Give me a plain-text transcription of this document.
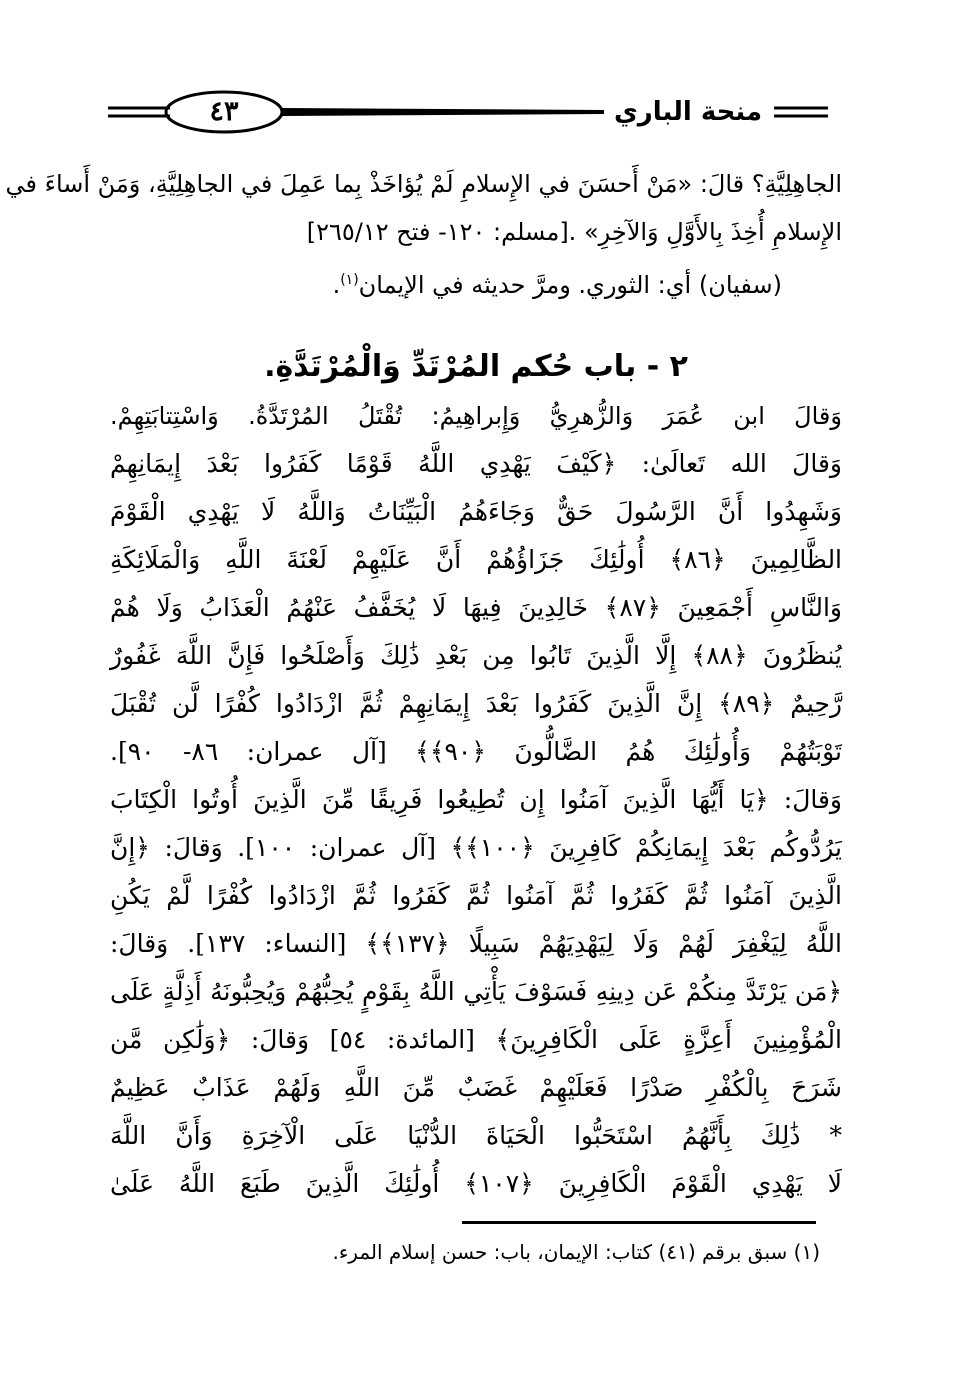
٤٣	منحة الباري
الجاهِلِيَّةِ؟ قالَ: «مَنْ أَحسَنَ في الإِسلامِ لَمْ يُؤاخَذْ بِما عَمِلَ في الجاهِلِيَّةِ، وَمَنْ أَساءَ في
الإِسلامِ أُخِذَ بِالأَوَّلِ وَالآخِرِ» .[مسلم: ١٢٠- فتح ٢٦٥/١٢]
(سفيان) أي: الثوري. ومرَّ حديثه في الإيمان$^{(١)}$.
٢ - باب حُكم المُرْتَدِّ وَالْمُرْتَدَّةِ.
وَقالَ ابن عُمَرَ وَالزُّهرِيُّ وَإِبراهِيمُ: تُقْتَلُ المُرْتَدَّةُ. وَاسْتِتابَتِهِمْ.
وَقالَ الله تَعالَىٰ: ﴿كَيْفَ يَهْدِي اللَّهُ قَوْمًا كَفَرُوا بَعْدَ إِيمَانِهِمْ
وَشَهِدُوا أَنَّ الرَّسُولَ حَقٌّ وَجَاءَهُمُ الْبَيِّنَاتُ وَاللَّهُ لَا يَهْدِي الْقَوْمَ
الظَّالِمِينَ ﴿٨٦﴾ أُولَٰئِكَ جَزَاؤُهُمْ أَنَّ عَلَيْهِمْ لَعْنَةَ اللَّهِ وَالْمَلَائِكَةِ
وَالنَّاسِ أَجْمَعِينَ ﴿٨٧﴾ خَالِدِينَ فِيهَا لَا يُخَفَّفُ عَنْهُمُ الْعَذَابُ وَلَا هُمْ
يُنظَرُونَ ﴿٨٨﴾ إِلَّا الَّذِينَ تَابُوا مِن بَعْدِ ذَٰلِكَ وَأَصْلَحُوا فَإِنَّ اللَّهَ غَفُورٌ
رَّحِيمٌ ﴿٨٩﴾ إِنَّ الَّذِينَ كَفَرُوا بَعْدَ إِيمَانِهِمْ ثُمَّ ازْدَادُوا كُفْرًا لَّن تُقْبَلَ
تَوْبَتُهُمْ وَأُولَٰئِكَ هُمُ الضَّالُّونَ ﴿٩٠﴾﴾ [آل عمران: ٨٦- ٩٠].
وَقالَ: ﴿يَا أَيُّهَا الَّذِينَ آمَنُوا إِن تُطِيعُوا فَرِيقًا مِّنَ الَّذِينَ أُوتُوا الْكِتَابَ
يَرُدُّوكُم بَعْدَ إِيمَانِكُمْ كَافِرِينَ ﴿١٠٠﴾﴾ [آل عمران: ١٠٠]. وَقالَ: ﴿إِنَّ
الَّذِينَ آمَنُوا ثُمَّ كَفَرُوا ثُمَّ آمَنُوا ثُمَّ كَفَرُوا ثُمَّ ازْدَادُوا كُفْرًا لَّمْ يَكُنِ
اللَّهُ لِيَغْفِرَ لَهُمْ وَلَا لِيَهْدِيَهُمْ سَبِيلًا ﴿١٣٧﴾﴾ [النساء: ١٣٧]. وَقالَ:
﴿مَن يَرْتَدَّ مِنكُمْ عَن دِينِهِ فَسَوْفَ يَأْتِي اللَّهُ بِقَوْمٍ يُحِبُّهُمْ وَيُحِبُّونَهُ أَذِلَّةٍ عَلَى
الْمُؤْمِنِينَ أَعِزَّةٍ عَلَى الْكَافِرِينَ﴾ [المائدة: ٥٤] وَقالَ: ﴿وَلَٰكِن مَّن
شَرَحَ بِالْكُفْرِ صَدْرًا فَعَلَيْهِمْ غَضَبٌ مِّنَ اللَّهِ وَلَهُمْ عَذَابٌ عَظِيمٌ
* ذَٰلِكَ بِأَنَّهُمُ اسْتَحَبُّوا الْحَيَاةَ الدُّنْيَا عَلَى الْآخِرَةِ وَأَنَّ اللَّهَ
لَا يَهْدِي الْقَوْمَ الْكَافِرِينَ ﴿١٠٧﴾ أُولَٰئِكَ الَّذِينَ طَبَعَ اللَّهُ عَلَىٰ
(١) سبق برقم (٤١) كتاب: الإيمان، باب: حسن إسلام المرء.
